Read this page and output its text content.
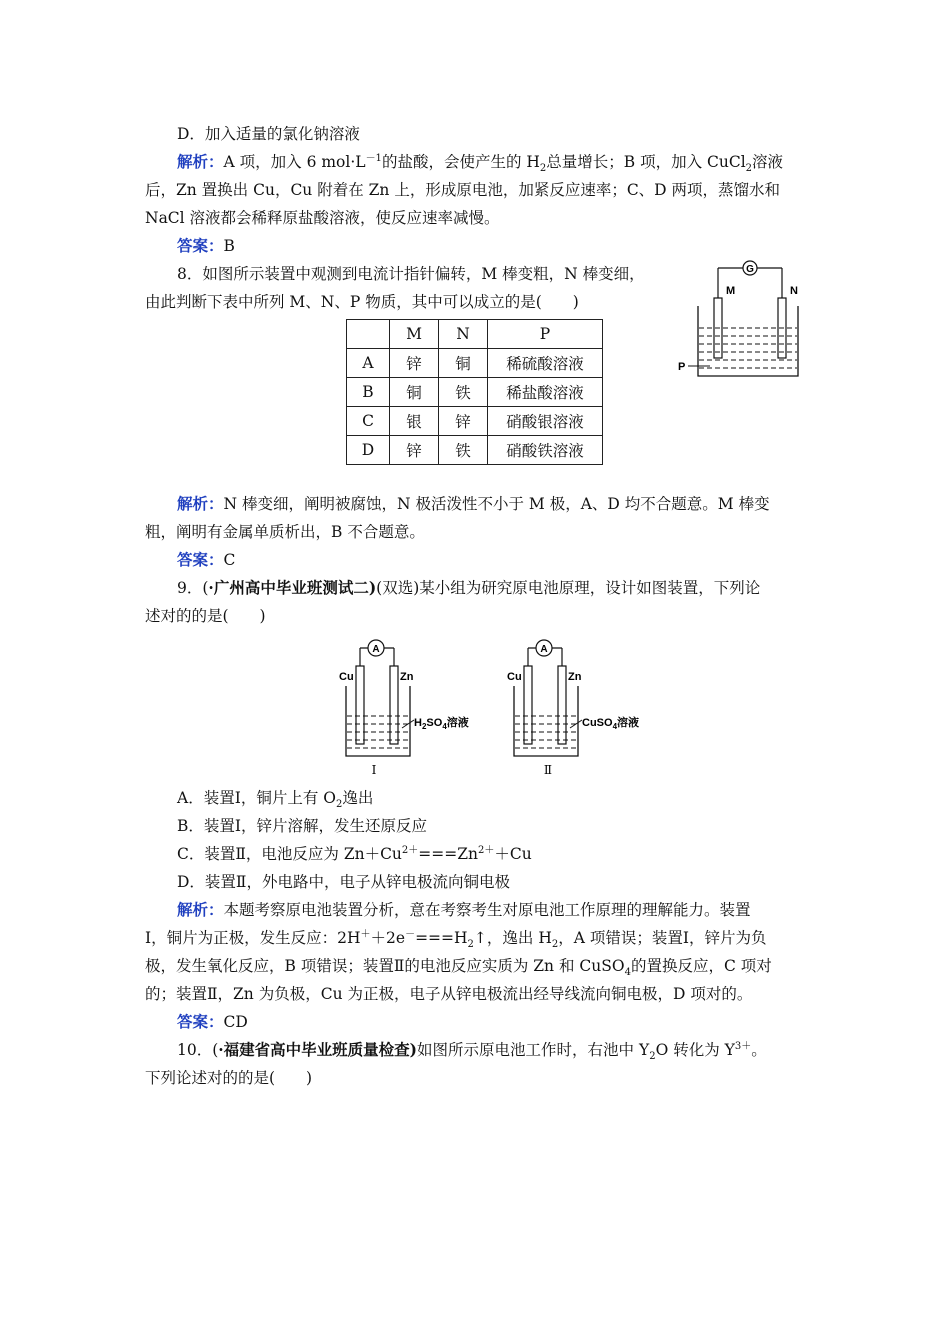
D．加入适量的氯化钠溶液
解析：A 项，加入 6 $mol\cdot L^{-1}$的盐酸，会使产生的 $H_2$总量增长；B 项，加入 CuCl$_2$溶液
后，Zn 置换出 Cu，Cu 附着在 Zn 上，形成原电池，加紧反应速率；C、D 两项，蒸馏水和
NaCl 溶液都会稀释原盐酸溶液，使反应速率减慢。
答案：B
8．如图所示装置中观测到电流计指针偏转，M 棒变粗，N 棒变细，
由此判断下表中所列 M、N、P 物质，其中可以成立的是(　　)
	M	N	P
A	锌	铜	稀硫酸溶液
B	铜	铁	稀盐酸溶液
C	银	锌	硝酸银溶液
D	锌	铁	硝酸铁溶液
G
M	N
P
解析：N 棒变细，阐明被腐蚀，N 极活泼性不小于 M 极，A、D 均不合题意。M 棒变
粗，阐明有金属单质析出，B 不合题意。
答案：C
9．(·广州高中毕业班测试二)(双选)某小组为研究原电池原理，设计如图装置，下列论
述对的的是(　　)
A
Cu	Zn
$H_2SO_4$溶液
I
A
Cu	Zn
CuSO$_4$溶液
Ⅱ
A．装置Ⅰ，铜片上有 $O_2$逸出
B．装置Ⅰ，锌片溶解，发生还原反应
C．装置Ⅱ，电池反应为 $Zn+Cu^{2+}===Zn^{2+}+Cu$
D．装置Ⅱ，外电路中，电子从锌电极流向铜电极
解析：本题考察原电池装置分析，意在考察考生对原电池工作原理的理解能力。装置
Ⅰ，铜片为正极，发生反应：$2H^++2e^-===H_2↑$，逸出 $H_2$，A 项错误；装置Ⅰ，锌片为负
极，发生氧化反应，B 项错误；装置Ⅱ的电池反应实质为 Zn 和 CuSO$_4$的置换反应，C 项对
的；装置Ⅱ，Zn 为负极，Cu 为正极，电子从锌电极流出经导线流向铜电极，D 项对的。
答案：CD
10．(·福建省高中毕业班质量检查)如图所示原电池工作时，右池中 $Y_2O$ 转化为 $Y^{3+}$。
下列论述对的的是(　　)
